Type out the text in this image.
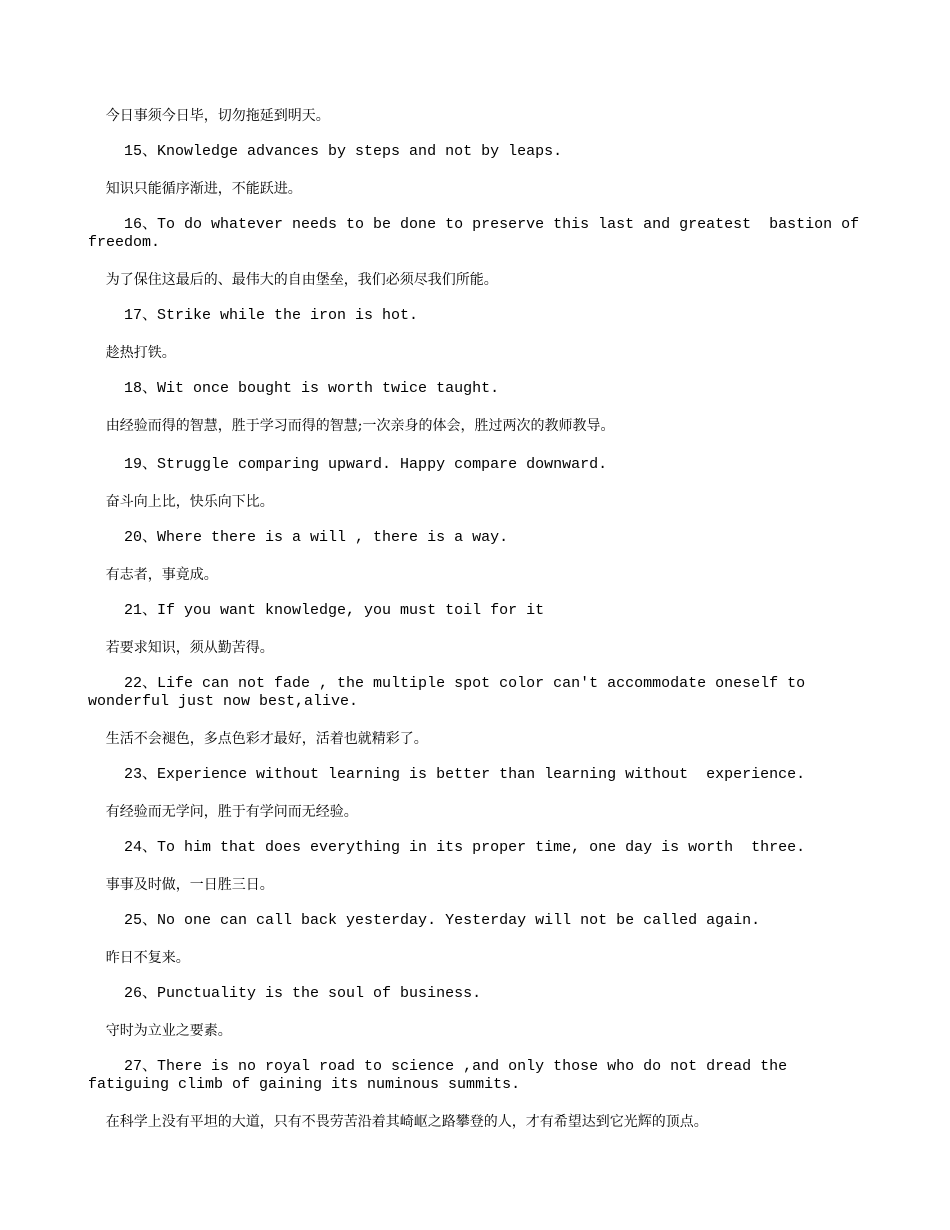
今日事须今日毕，切勿拖延到明天。

15、Knowledge advances by steps and not by leaps.

知识只能循序渐进，不能跃进。

16、To do whatever needs to be done to preserve this last and greatest  bastion of freedom.

为了保住这最后的、最伟大的自由堡垒，我们必须尽我们所能。

17、Strike while the iron is hot.

趁热打铁。

18、Wit once bought is worth twice taught.

由经验而得的智慧，胜于学习而得的智慧;一次亲身的体会，胜过两次的教师教导。

19、Struggle comparing upward. Happy compare downward.

奋斗向上比，快乐向下比。

20、Where there is a will , there is a way.

有志者，事竟成。

21、If you want knowledge, you must toil for it

若要求知识，须从勤苦得。

22、Life can not fade , the multiple spot color can't accommodate oneself to wonderful just now best,alive.

生活不会褪色，多点色彩才最好，活着也就精彩了。

23、Experience without learning is better than learning without  experience.

有经验而无学问，胜于有学问而无经验。

24、To him that does everything in its proper time, one day is worth  three.

事事及时做，一日胜三日。

25、No one can call back yesterday. Yesterday will not be called again.

昨日不复来。

26、Punctuality is the soul of business.

守时为立业之要素。

27、There is no royal road to science ,and only those who do not dread the fatiguing climb of gaining its numinous summits.

在科学上没有平坦的大道，只有不畏劳苦沿着其崎岖之路攀登的人，才有希望达到它光辉的顶点。
